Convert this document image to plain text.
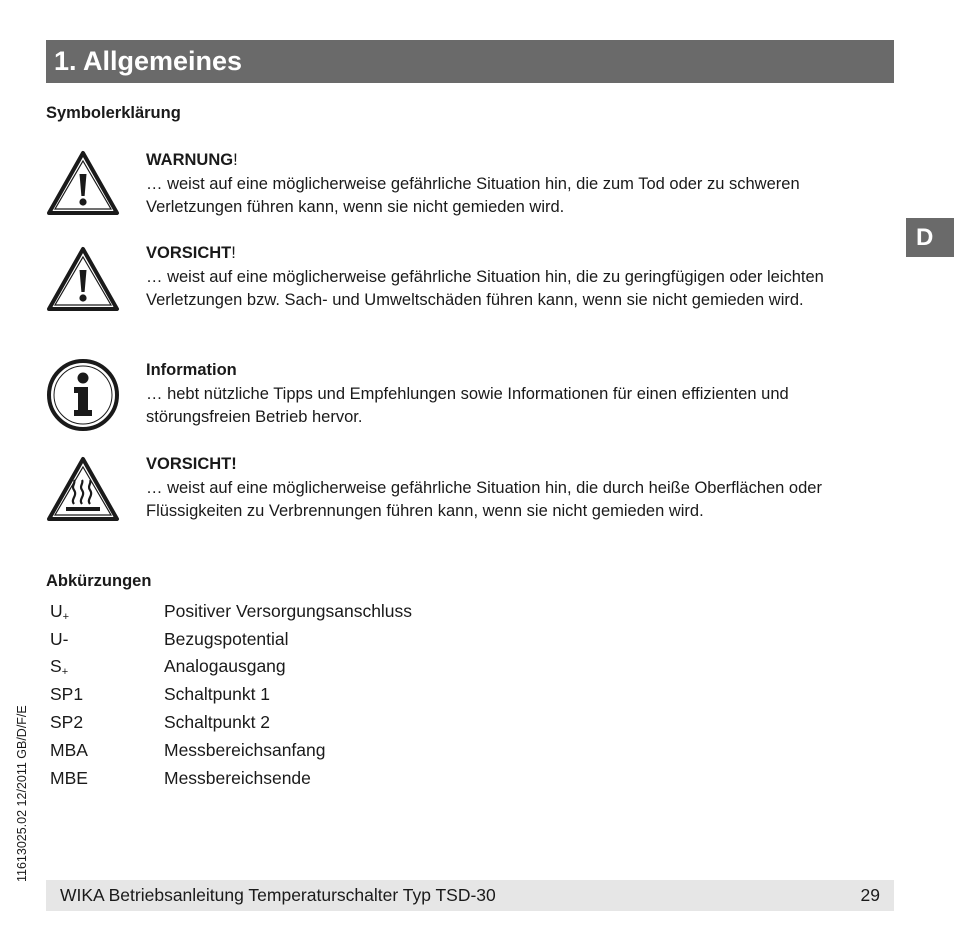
1. Allgemeines
D
Symbolerklärung
WARNUNG!
… weist auf eine möglicherweise gefährliche Situation hin, die zum Tod oder zu schweren Verletzungen führen kann, wenn sie nicht gemieden wird.
VORSICHT!
… weist auf eine möglicherweise gefährliche Situation hin, die zu geringfügigen oder leichten Verletzungen bzw. Sach- und Umweltschäden führen kann, wenn sie nicht gemieden wird.
Information
… hebt nützliche Tipps und Empfehlungen sowie Informationen für einen effizienten und störungsfreien Betrieb hervor.
VORSICHT!
… weist auf eine möglicherweise gefährliche Situation hin, die durch heiße Oberflächen oder Flüssigkeiten zu Verbrennungen führen kann, wenn sie nicht gemieden wird.
Abkürzungen
$U_+$	Positiver Versorgungsanschluss
U-	Bezugspotential
$S_+$	Analogausgang
SP1	Schaltpunkt 1
SP2	Schaltpunkt 2
MBA	Messbereichsanfang
MBE	Messbereichsende
11613025.02 12/2011 GB/D/F/E
WIKA Betriebsanleitung Temperaturschalter Typ TSD-30	29
